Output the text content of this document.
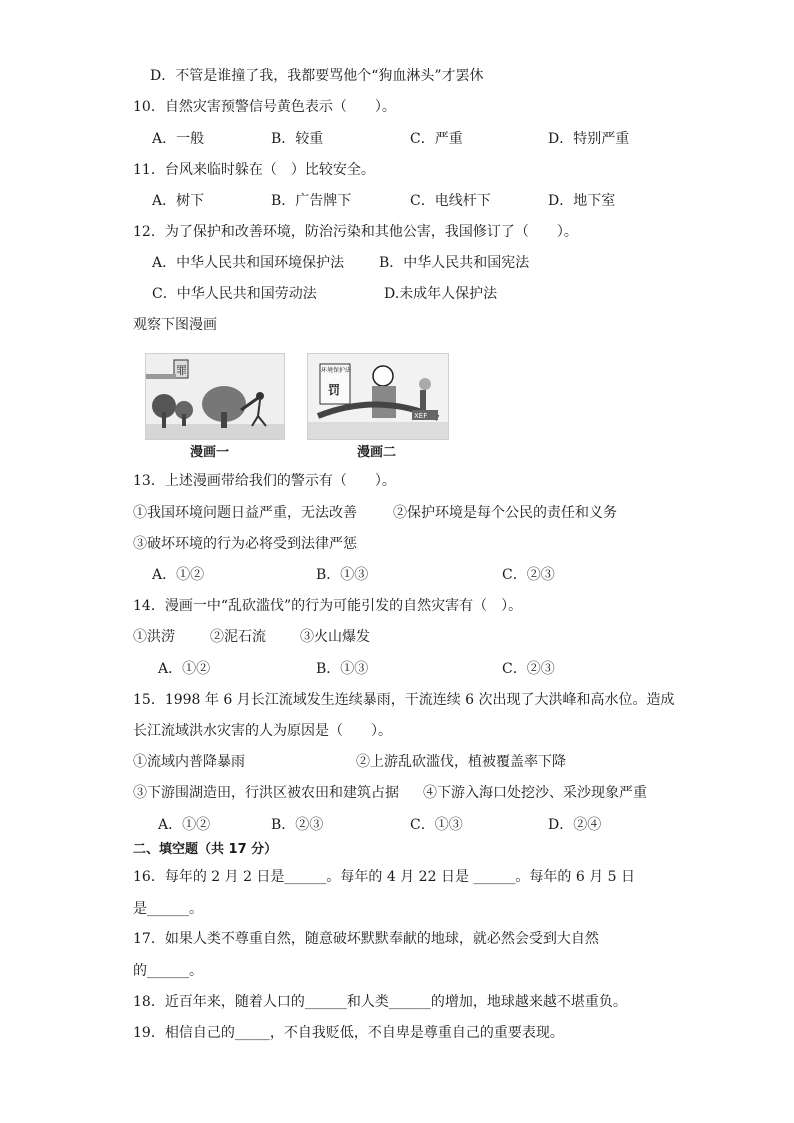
D．不管是谁撞了我，我都要骂他个“狗血淋头”才罢休
10．自然灾害预警信号黄色表示（　　）。
A．一般	B．较重	C．严重	D．特别严重
11．台风来临时躲在（　）比较安全。
A．树下	B．广告牌下	C．电线杆下	D．地下室
12．为了保护和改善环境，防治污染和其他公害，我国修订了（　　）。
A．中华人民共和国环境保护法 B．中华人民共和国宪法
C．中华人民共和国劳动法	D.未成年人保护法
观察下图漫画
罪
漫画一
环境保护法
罚
XEF
漫画二
13．上述漫画带给我们的警示有（　　）。
①我国环境问题日益严重，无法改善	②保护环境是每个公民的责任和义务
③破坏环境的行为必将受到法律严惩
A．①②	B．①③	C．②③
14．漫画一中“乱砍滥伐”的行为可能引发的自然灾害有（　）。
①洪涝	②泥石流 ③火山爆发
A．①②	B．①③	C．②③
15．1998 年 6 月长江流域发生连续暴雨，干流连续 6 次出现了大洪峰和高水位。造成
长江流域洪水灾害的人为原因是（　　）。
①流域内普降暴雨	②上游乱砍滥伐，植被覆盖率下降
③下游围湖造田，行洪区被农田和建筑占据 ④下游入海口处挖沙、采沙现象严重
A．①②	B．②③	C．①③	D．②④
二、填空题（共 17 分）
16．每年的 2 月 2 日是______。每年的 4 月 22 日是 ______。每年的 6 月 5 日
是______。
17．如果人类不尊重自然，随意破坏默默奉献的地球，就必然会受到大自然
的______。
18．近百年来，随着人口的______和人类______的增加，地球越来越不堪重负。
19．相信自己的_____，不自我贬低，不自卑是尊重自己的重要表现。
